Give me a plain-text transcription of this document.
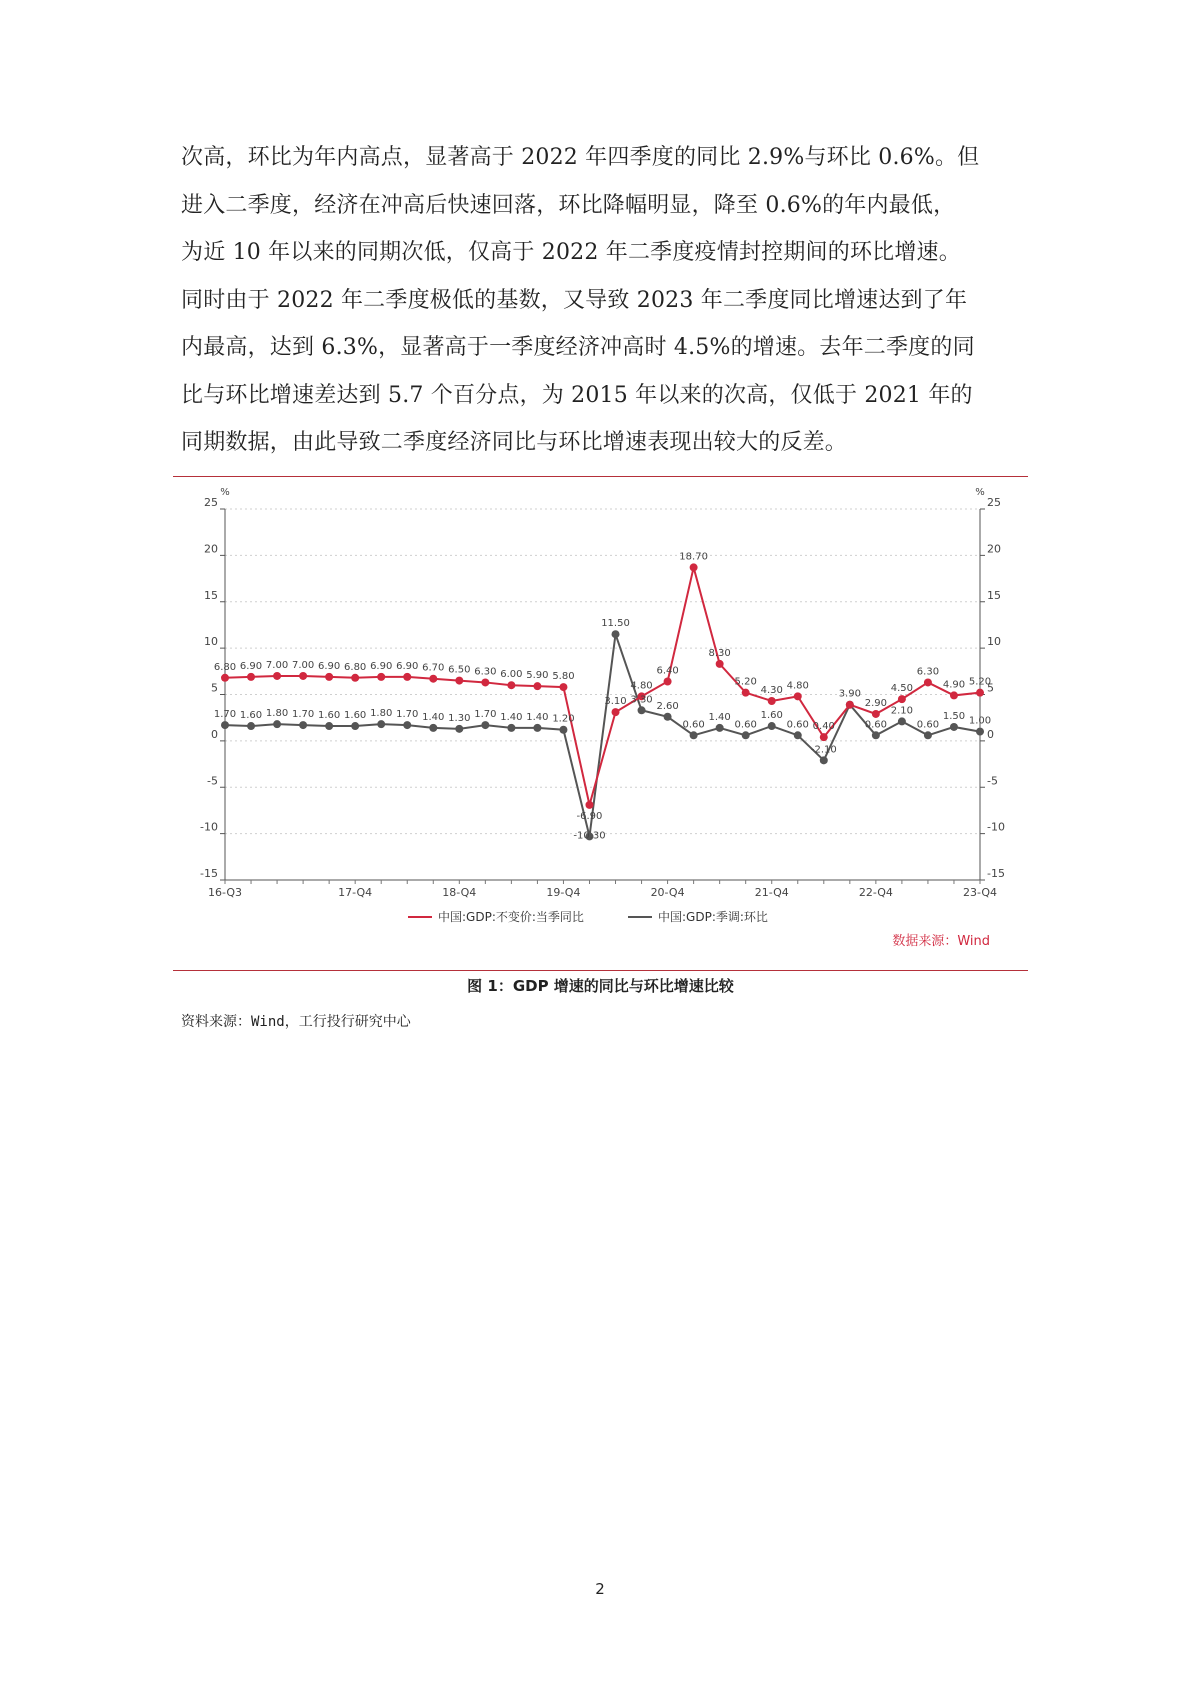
次高，环比为年内高点，显著高于 2022 年四季度的同比 2.9%与环比 0.6%。但
进入二季度，经济在冲高后快速回落，环比降幅明显，降至 0.6%的年内最低，
为近 10 年以来的同期次低，仅高于 2022 年二季度疫情封控期间的环比增速。
同时由于 2022 年二季度极低的基数，又导致 2023 年二季度同比增速达到了年
内最高，达到 6.3%，显著高于一季度经济冲高时 4.5%的增速。去年二季度的同
比与环比增速差达到 5.7 个百分点，为 2015 年以来的次高，仅低于 2021 年的
同期数据，由此导致二季度经济同比与环比增速表现出较大的反差。
%	%
-15	-15
-10	-10
-5	-5
0	0
5	5
10	10
15	15
20	20
25	25
16-Q3	17-Q4	18-Q4	19-Q4	20-Q4	21-Q4	22-Q4	23-Q4
1.70 1.60 1.80 1.70 1.60 1.60 1.80 1.70 1.40 1.30 1.70 1.40 1.40 1.20
-10.30
11.50
3.30
2.60
0.60
1.40
0.60
1.60
0.60
-2.10
0.60
2.10
0.60
1.50 1.00
6.80 6.90 7.00 7.00 6.90 6.80 6.90 6.90 6.70 6.50 6.30 6.00 5.90 5.80
-6.90
3.10
4.80
6.40
18.70
8.30
5.20
4.30 4.80
0.40
3.90
2.90
4.50
6.30
4.90 5.20
中国:GDP:不变价:当季同比	中国:GDP:季调:环比
数据来源：Wind
图 1：GDP 增速的同比与环比增速比较
资料来源：Wind，工行投行研究中心
2
